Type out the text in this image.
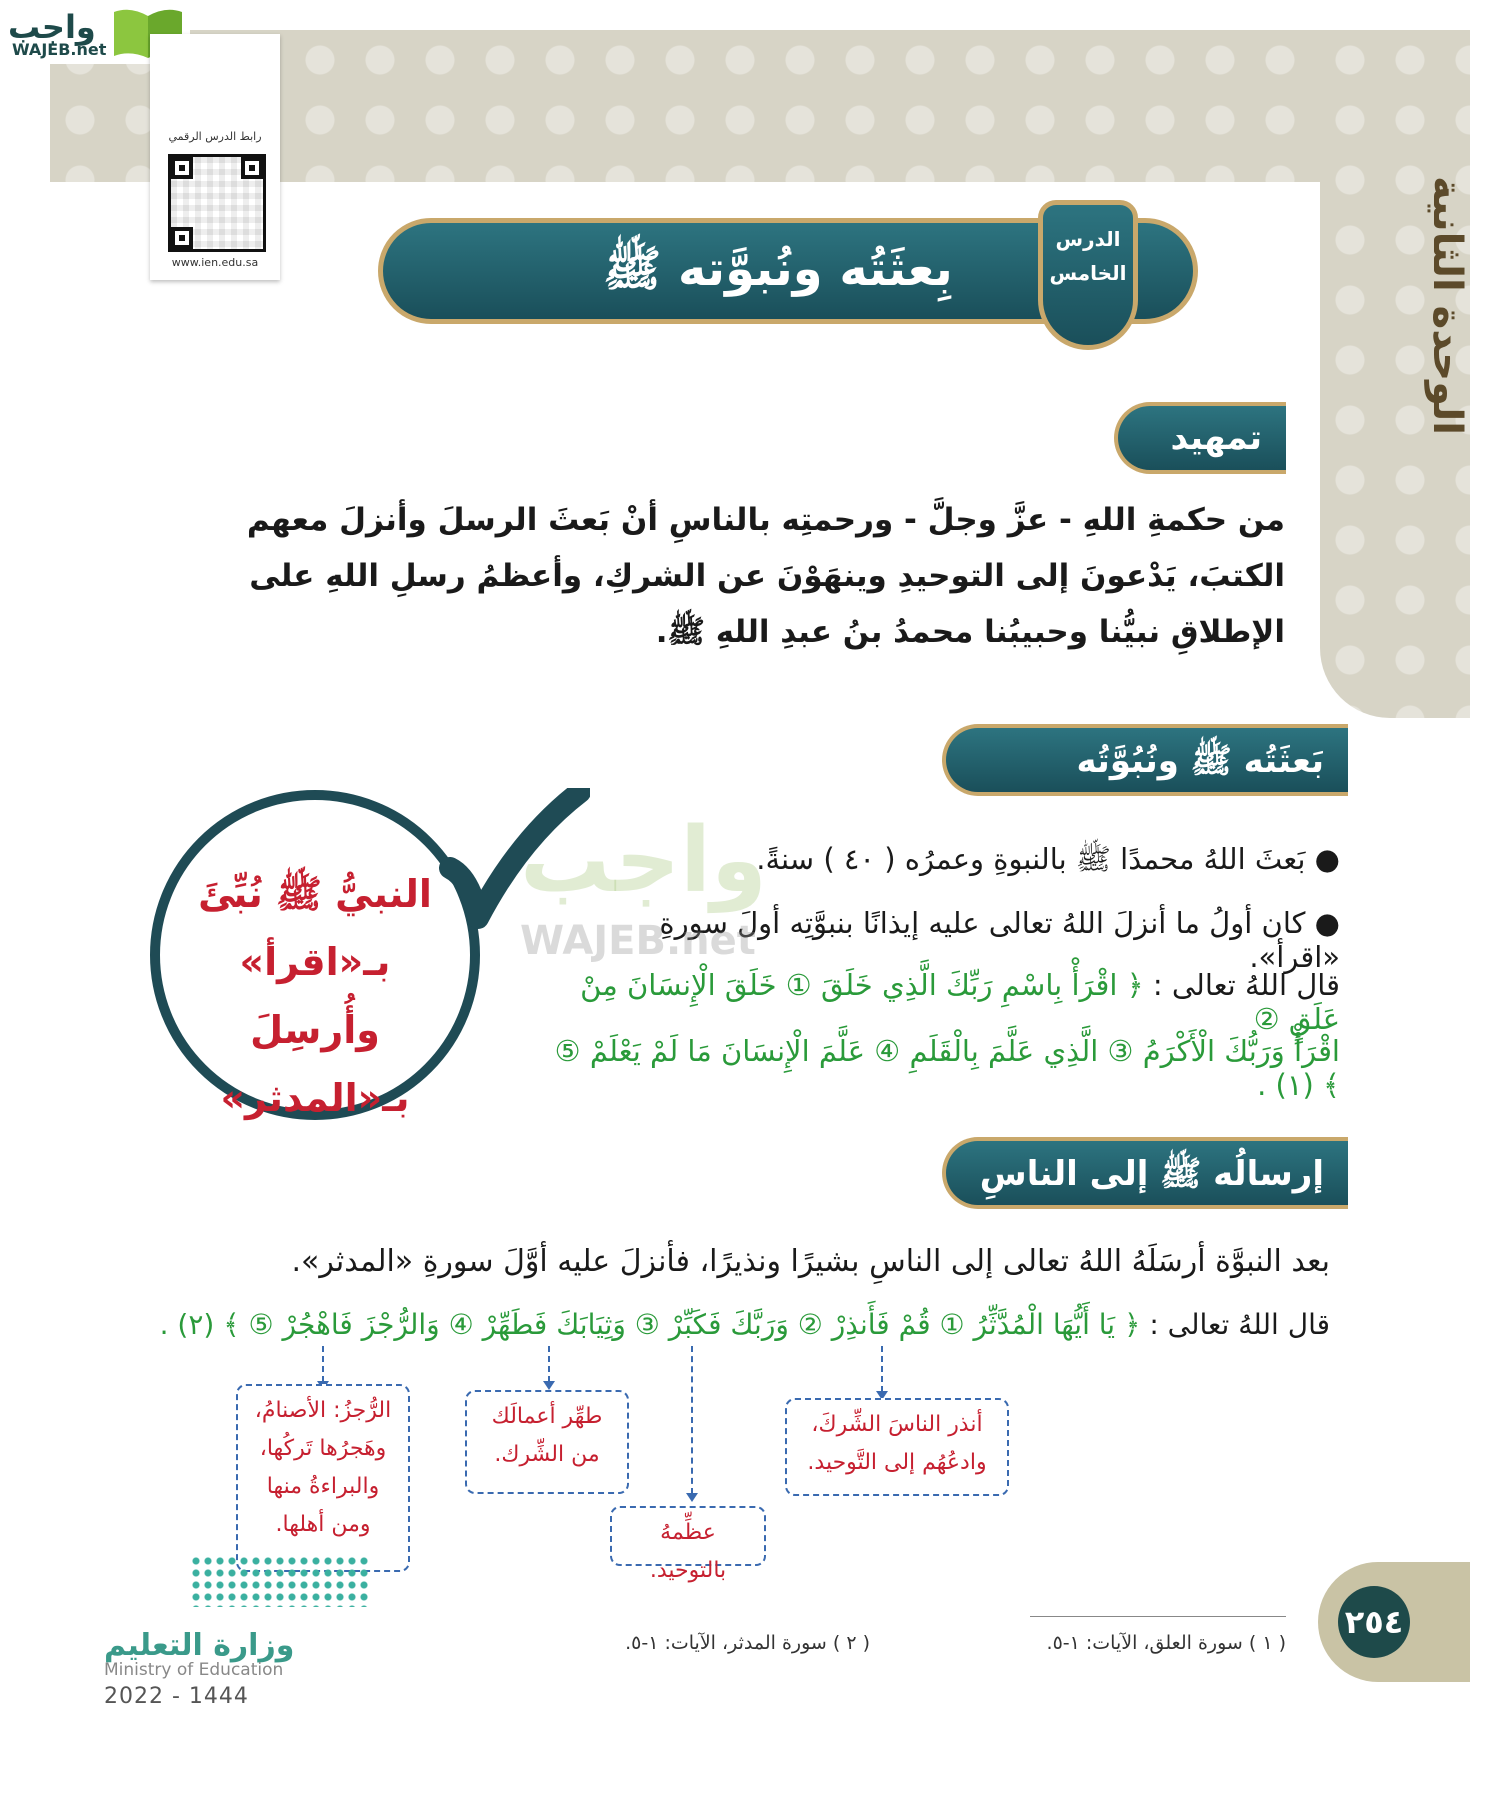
الوحدة الثانية
واجب
WAJEB.net
رابط الدرس الرقمي
www.ien.edu.sa	بِعثَتُه ونُبوَّته ﷺ
الدرس
الخامس
تمهيد
من حكمةِ اللهِ - عزَّ وجلَّ - ورحمتِه بالناسِ أنْ بَعثَ الرسلَ وأنزلَ معهم الكتبَ، يَدْعونَ إلى التوحيدِ وينهَوْنَ عن الشركِ، وأعظمُ رسلِ اللهِ على الإطلاقِ نبيُّنا وحبيبُنا محمدُ بنُ عبدِ اللهِ ﷺ.
بَعثَتُه ﷺ ونُبُوَّتُه
● بَعثَ اللهُ محمدًا ﷺ بالنبوةِ وعمرُه ( ٤٠ ) سنةً.
● كان أولُ ما أنزلَ اللهُ تعالى عليه إيذانًا بنبوَّتِه أولَ سورةِ «اقرأ».
قال اللهُ تعالى : ﴿ اقْرَأْ بِاسْمِ رَبِّكَ الَّذِي خَلَقَ ① خَلَقَ الْإِنسَانَ مِنْ عَلَقٍ ②
اقْرَأْ وَرَبُّكَ الْأَكْرَمُ ③ الَّذِي عَلَّمَ بِالْقَلَمِ ④ عَلَّمَ الْإِنسَانَ مَا لَمْ يَعْلَمْ ⑤ ﴾ (١) .
واجب
WAJEB.net
النبيُّ ﷺ نُبِّئَ
بـ«اقرأ» وأُرسِلَ
بـ«المدثر»
إرسالُه ﷺ إلى الناسِ
بعد النبوَّة أرسَلَهُ اللهُ تعالى إلى الناسِ بشيرًا ونذيرًا، فأنزلَ عليه أوَّلَ سورةِ «المدثر».
قال اللهُ تعالى : ﴿ يَا أَيُّهَا الْمُدَّثِّرُ ① قُمْ فَأَنذِرْ ② وَرَبَّكَ فَكَبِّرْ ③ وَثِيَابَكَ فَطَهِّرْ ④ وَالرُّجْزَ فَاهْجُرْ ⑤ ﴾ (٢) .
أنذر الناسَ الشِّركَ، وادعُهُم إلى التَّوحيد.
عظِّمهُ بالتوحيد.
طهِّر أعمالَك من الشِّرك.
الرُّجزُ: الأصنامُ، وهَجرُها تَركُها، والبراءةُ منها ومن أهلها.
٢٥٤
( ١ ) سورة العلق، الآيات: ١-٥.
( ٢ ) سورة المدثر، الآيات: ١-٥.
وزارة التعليم
Ministry of Education
2022 - 1444
